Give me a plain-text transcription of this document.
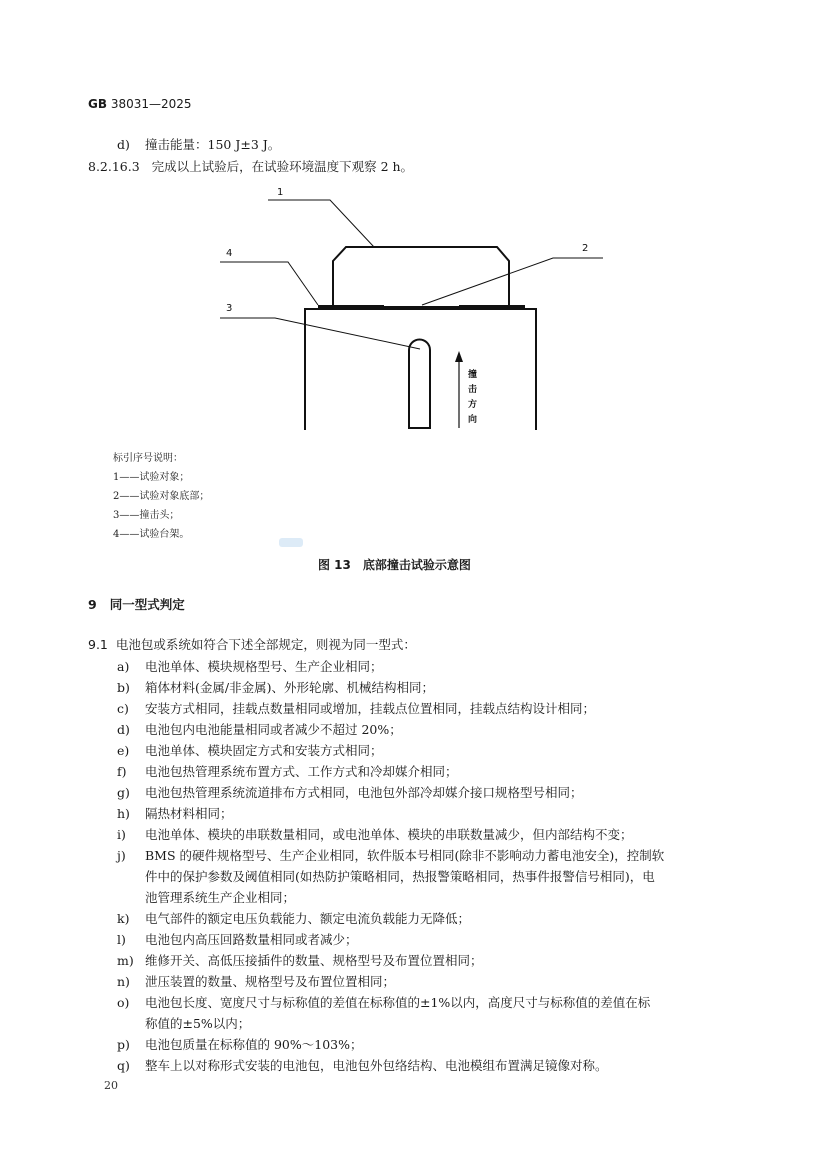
GB 38031—2025
d) 撞击能量：150 J±3 J。
8.2.16.3 完成以上试验后，在试验环境温度下观察 2 h。
1
2
3
4
撞
击
方
向
标引序号说明：
1——试验对象；
2——试验对象底部；
3——撞击头；
4——试验台架。
图 13　底部撞击试验示意图
9 同一型式判定
9.1 电池包或系统如符合下述全部规定，则视为同一型式：
a) 电池单体、模块规格型号、生产企业相同；
b) 箱体材料(金属/非金属)、外形轮廓、机械结构相同；
c) 安装方式相同，挂载点数量相同或增加，挂载点位置相同，挂载点结构设计相同；
d) 电池包内电池能量相同或者减少不超过 20%；
e) 电池单体、模块固定方式和安装方式相同；
f) 电池包热管理系统布置方式、工作方式和冷却媒介相同；
g) 电池包热管理系统流道排布方式相同，电池包外部冷却媒介接口规格型号相同；
h) 隔热材料相同；
i) 电池单体、模块的串联数量相同，或电池单体、模块的串联数量减少，但内部结构不变；
j) BMS 的硬件规格型号、生产企业相同，软件版本号相同(除非不影响动力蓄电池安全)，控制软
件中的保护参数及阈值相同(如热防护策略相同，热报警策略相同，热事件报警信号相同)，电
池管理系统生产企业相同；
k) 电气部件的额定电压负载能力、额定电流负载能力无降低；
l) 电池包内高压回路数量相同或者减少；
m) 维修开关、高低压接插件的数量、规格型号及布置位置相同；
n) 泄压装置的数量、规格型号及布置位置相同；
o) 电池包长度、宽度尺寸与标称值的差值在标称值的±1%以内，高度尺寸与标称值的差值在标
称值的±5%以内；
p) 电池包质量在标称值的 90%～103%；
q) 整车上以对称形式安装的电池包，电池包外包络结构、电池模组布置满足镜像对称。
20
